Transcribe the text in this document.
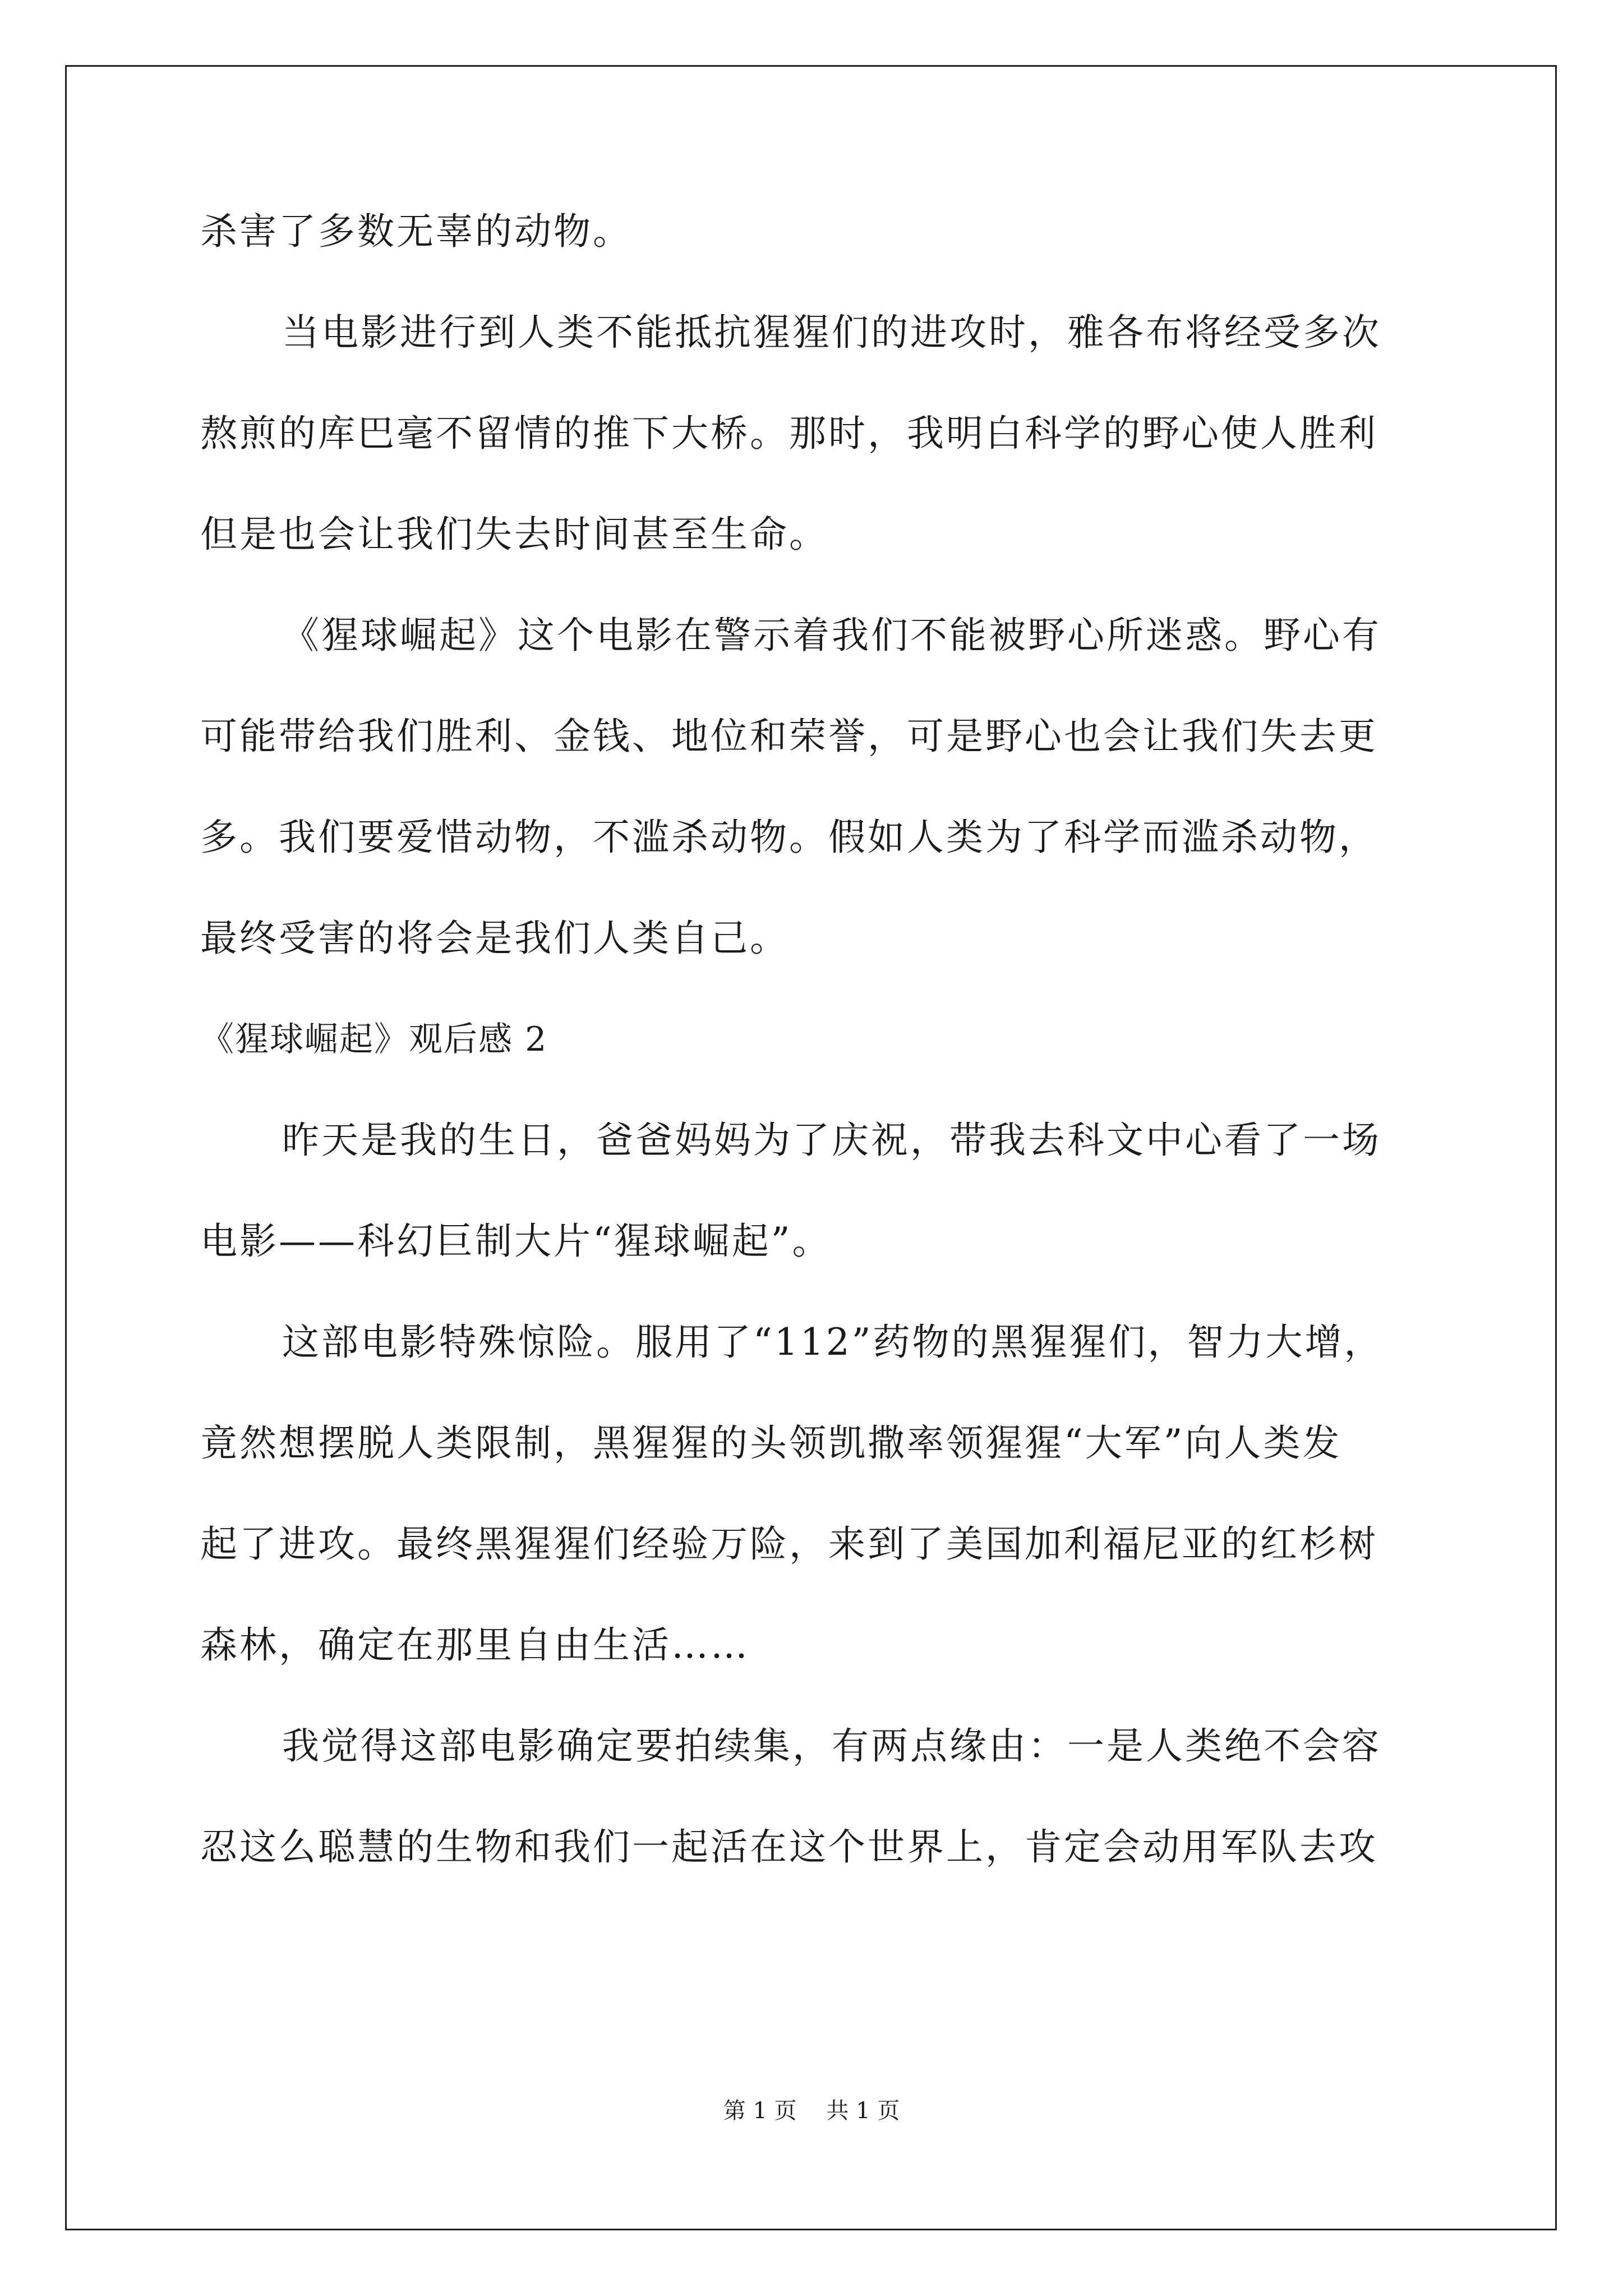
杀害了多数无辜的动物。
当电影进行到人类不能抵抗猩猩们的进攻时，雅各布将经受多次
熬煎的库巴毫不留情的推下大桥。那时，我明白科学的野心使人胜利
但是也会让我们失去时间甚至生命。
《猩球崛起》这个电影在警示着我们不能被野心所迷惑。野心有
可能带给我们胜利、金钱、地位和荣誉，可是野心也会让我们失去更
多。我们要爱惜动物，不滥杀动物。假如人类为了科学而滥杀动物，
最终受害的将会是我们人类自己。
《猩球崛起》观后感 2
昨天是我的生日，爸爸妈妈为了庆祝，带我去科文中心看了一场
电影——科幻巨制大片“猩球崛起”。
这部电影特殊惊险。服用了“112”药物的黑猩猩们，智力大增，
竟然想摆脱人类限制，黑猩猩的头领凯撒率领猩猩“大军”向人类发
起了进攻。最终黑猩猩们经验万险，来到了美国加利福尼亚的红杉树
森林，确定在那里自由生活……
我觉得这部电影确定要拍续集，有两点缘由：一是人类绝不会容
忍这么聪慧的生物和我们一起活在这个世界上，肯定会动用军队去攻
第 1 页 共 1 页
